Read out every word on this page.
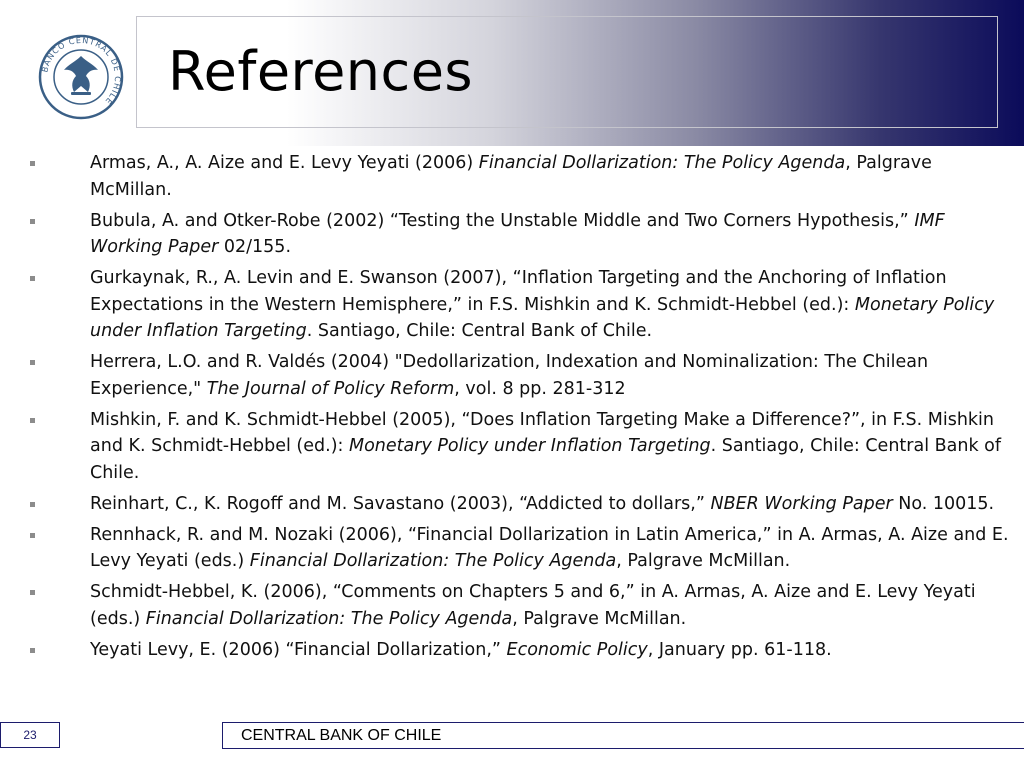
BANCO CENTRAL DE CHILE References
Armas, A., A. Aize and E. Levy Yeyati (2006) Financial Dollarization: The Policy Agenda, Palgrave McMillan.
Bubula, A. and Otker-Robe (2002) “Testing the Unstable Middle and Two Corners Hypothesis,” IMF Working Paper 02/155.
Gurkaynak, R., A. Levin and E. Swanson (2007), “Inflation Targeting and the Anchoring of Inflation Expectations in the Western Hemisphere,” in F.S. Mishkin and K. Schmidt-Hebbel (ed.): Monetary Policy under Inflation Targeting. Santiago, Chile: Central Bank of Chile.
Herrera, L.O. and R. Valdés (2004) "Dedollarization, Indexation and Nominalization: The Chilean Experience," The Journal of Policy Reform, vol. 8 pp. 281-312
Mishkin, F. and K. Schmidt-Hebbel (2005), “Does Inflation Targeting Make a Difference?”, in F.S. Mishkin and K. Schmidt-Hebbel (ed.): Monetary Policy under Inflation Targeting. Santiago, Chile: Central Bank of Chile.
Reinhart, C., K. Rogoff and M. Savastano (2003), “Addicted to dollars,” NBER Working Paper No. 10015.
Rennhack, R. and M. Nozaki (2006), “Financial Dollarization in Latin America,” in A. Armas, A. Aize and E. Levy Yeyati (eds.) Financial Dollarization: The Policy Agenda, Palgrave McMillan.
Schmidt-Hebbel, K. (2006), “Comments on Chapters 5 and 6,” in A. Armas, A. Aize and E. Levy Yeyati (eds.) Financial Dollarization: The Policy Agenda, Palgrave McMillan.
Yeyati Levy, E. (2006) “Financial Dollarization,” Economic Policy, January pp. 61-118.
23	CENTRAL BANK OF CHILE
